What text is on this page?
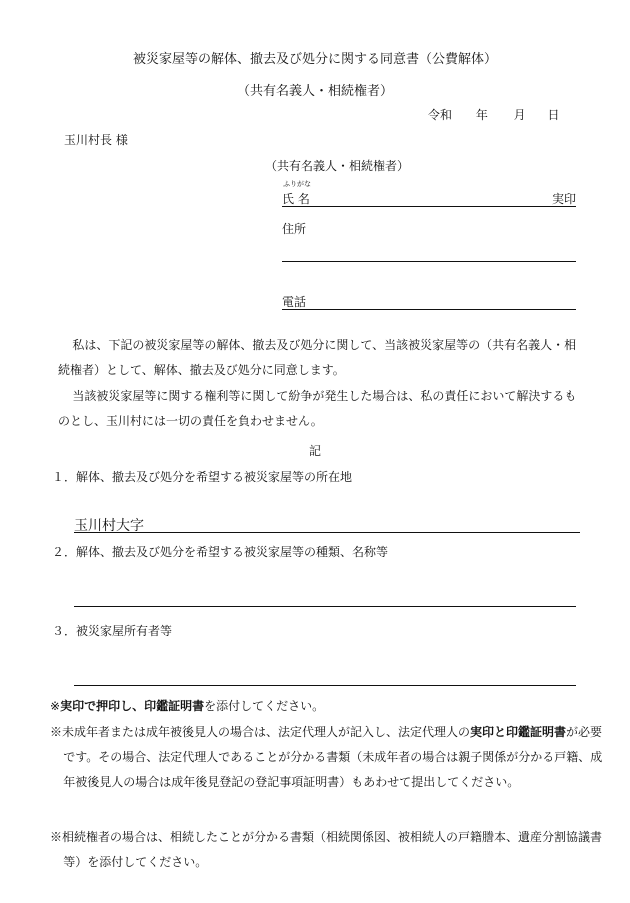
被災家屋等の解体、撤去及び処分に関する同意書（公費解体）
（共有名義人・相続権者）
令和 年 月 日
玉川村長 様
（共有名義人・相続権者）
ふりがな
氏 名	実印
住所
電話
私は、下記の被災家屋等の解体、撤去及び処分に関して、当該被災家屋等の（共有名義人・相続権者）として、解体、撤去及び処分に同意します。
当該被災家屋等に関する権利等に関して紛争が発生した場合は、私の責任において解決するものとし、玉川村には一切の責任を負わせません。
記
１．解体、撤去及び処分を希望する被災家屋等の所在地
玉川村大字
２．解体、撤去及び処分を希望する被災家屋等の種類、名称等
３．被災家屋所有者等
※実印で押印し、印鑑証明書を添付してください。
※未成年者または成年被後見人の場合は、法定代理人が記入し、法定代理人の実印と印鑑証明書が必要です。その場合、法定代理人であることが分かる書類（未成年者の場合は親子関係が分かる戸籍、成年被後見人の場合は成年後見登記の登記事項証明書）もあわせて提出してください。
※相続権者の場合は、相続したことが分かる書類（相続関係図、被相続人の戸籍謄本、遺産分割協議書等）を添付してください。
